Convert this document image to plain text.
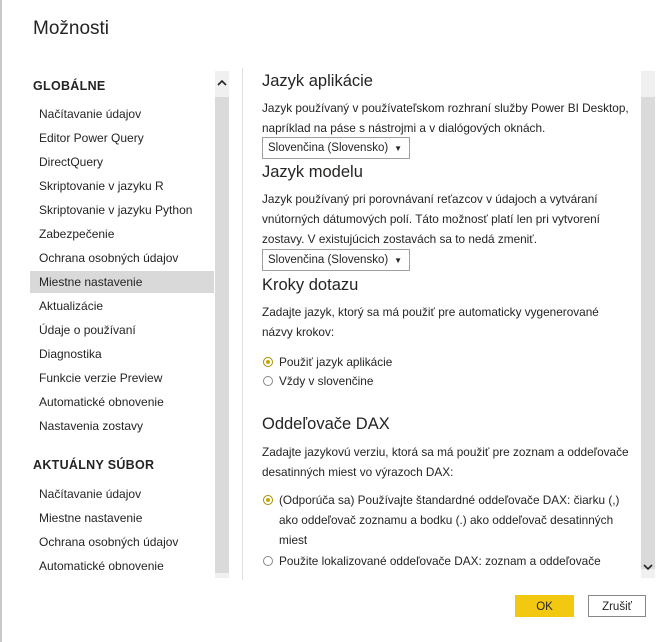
Možnosti
GLOBÁLNE
Načítavanie údajov
Editor Power Query
DirectQuery
Skriptovanie v jazyku R
Skriptovanie v jazyku Python
Zabezpečenie
Ochrana osobných údajov
Miestne nastavenie
Aktualizácie
Údaje o používaní
Diagnostika
Funkcie verzie Preview
Automatické obnovenie
Nastavenia zostavy
AKTUÁLNY SÚBOR
Načítavanie údajov
Miestne nastavenie
Ochrana osobných údajov
Automatické obnovenie
Jazyk aplikácie
Jazyk používaný v používateľskom rozhraní služby Power BI Desktop, napríklad na páse s nástrojmi a v dialógových oknách.
Slovenčina (Slovensko) ▼
Jazyk modelu
Jazyk používaný pri porovnávaní reťazcov v údajoch a vytváraní vnútorných dátumových polí. Táto možnosť platí len pri vytvorení zostavy. V existujúcich zostavách sa to nedá zmeniť.
Slovenčina (Slovensko) ▼
Kroky dotazu
Zadajte jazyk, ktorý sa má použiť pre automaticky vygenerované názvy krokov:
Použiť jazyk aplikácie
Vždy v slovenčine
Oddeľovače DAX
Zadajte jazykovú verziu, ktorá sa má použiť pre zoznam a oddeľovače desatinných miest vo výrazoch DAX:
(Odporúča sa) Používajte štandardné oddeľovače DAX: čiarku (,) ako oddeľovač zoznamu a bodku (.) ako oddeľovač desatinných miest
Použite lokalizované oddeľovače DAX: zoznam a oddeľovače
OK	Zrušiť
